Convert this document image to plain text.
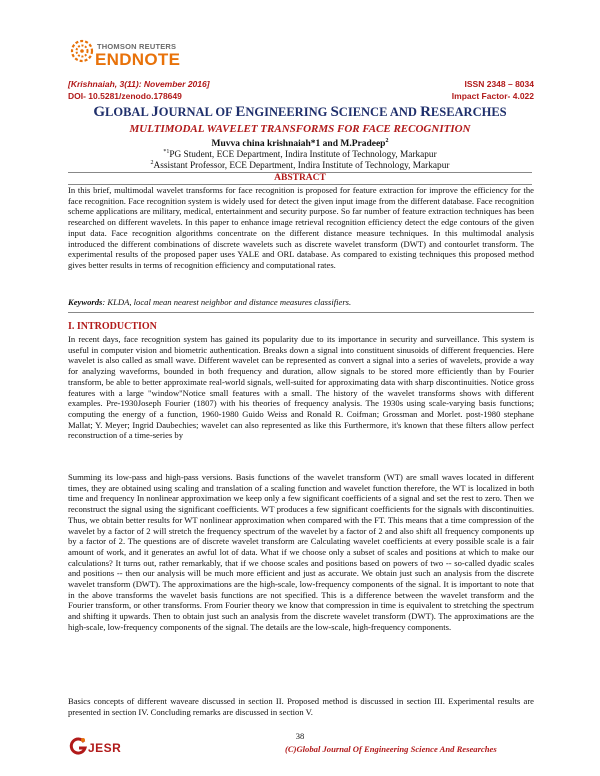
THOMSON REUTERS
ENDNOTE
[Krishnaiah, 3(11): November 2016]
DOI- 10.5281/zenodo.178649
ISSN 2348 – 8034
Impact Factor- 4.022
GLOBAL JOURNAL OF ENGINEERING SCIENCE AND RESEARCHES
MULTIMODAL WAVELET TRANSFORMS FOR FACE RECOGNITION
Muvva china krishnaiah*1 and M.Pradeep$^2$
$^{*1}$PG Student, ECE Department, Indira Institute of Technology, Markapur
$^2$Assistant Professor, ECE Department, Indira Institute of Technology, Markapur
ABSTRACT

In this brief, multimodal wavelet transforms for face recognition is proposed for feature extraction for improve the efficiency for the face recognition. Face recognition system is widely used for detect the given input image from the different database. Face recognition scheme applications are military, medical, entertainment and security purpose. So far number of feature extraction techniques has been researched on different wavelets. In this paper to enhance image retrieval recognition efficiency detect the edge contours of the given input data. Face recognition algorithms concentrate on the different distance measure techniques. In this multimodal analysis introduced the different combinations of discrete wavelets such as discrete wavelet transform (DWT) and contourlet transform. The experimental results of the proposed paper uses YALE and ORL database. As compared to existing techniques this proposed method gives better results in terms of recognition efficiency and computational rates.

Keywords: KLDA, local mean nearest neighbor and distance measures classifiers.
I. INTRODUCTION

In recent days, face recognition system has gained its popularity due to its importance in security and surveillance. This system is useful in computer vision and biometric authentication. Breaks down a signal into constituent sinusoids of different frequencies. Here wavelet is also called as small wave. Different wavelet can be represented as convert a signal into a series of wavelets, provide a way for analyzing waveforms, bounded in both frequency and duration, allow signals to be stored more efficiently than by Fourier transform, be able to better approximate real-world signals, well-suited for approximating data with sharp discontinuities. Notice gross features with a large "window"Notice small features with a small. The history of the wavelet transforms shows with different examples. Pre-1930Joseph Fourier (1807) with his theories of frequency analysis. The 1930s using scale-varying basis functions; computing the energy of a function, 1960-1980 Guido Weiss and Ronald R. Coifman; Grossman and Morlet. post-1980 stephane Mallat; Y. Meyer; Ingrid Daubechies; wavelet can also represented as like this Furthermore, it's known that these filters allow perfect reconstruction of a time-series by

Summing its low-pass and high-pass versions. Basis functions of the wavelet transform (WT) are small waves located in different times, they are obtained using scaling and translation of a scaling function and wavelet function therefore, the WT is localized in both time and frequency In nonlinear approximation we keep only a few significant coefficients of a signal and set the rest to zero. Then we reconstruct the signal using the significant coefficients. WT produces a few significant coefficients for the signals with discontinuities. Thus, we obtain better results for WT nonlinear approximation when compared with the FT. This means that a time compression of the wavelet by a factor of 2 will stretch the frequency spectrum of the wavelet by a factor of 2 and also shift all frequency components up by a factor of 2. The questions are of discrete wavelet transform are Calculating wavelet coefficients at every possible scale is a fair amount of work, and it generates an awful lot of data. What if we choose only a subset of scales and positions at which to make our calculations? It turns out, rather remarkably, that if we choose scales and positions based on powers of two -- so-called dyadic scales and positions -- then our analysis will be much more efficient and just as accurate. We obtain just such an analysis from the discrete wavelet transform (DWT). The approximations are the high-scale, low-frequency components of the signal. It is important to note that in the above transforms the wavelet basis functions are not specified. This is a difference between the wavelet transform and the Fourier transform, or other transforms. From Fourier theory we know that compression in time is equivalent to stretching the spectrum and shifting it upwards. Then to obtain just such an analysis from the discrete wavelet transform (DWT). The approximations are the high-scale, low-frequency components of the signal. The details are the low-scale, high-frequency components.

Basics concepts of different waveare discussed in section II. Proposed method is discussed in section III. Experimental results are presented in section IV. Concluding remarks are discussed in section V.

38
JESR	(C)Global Journal Of Engineering Science And Researches
